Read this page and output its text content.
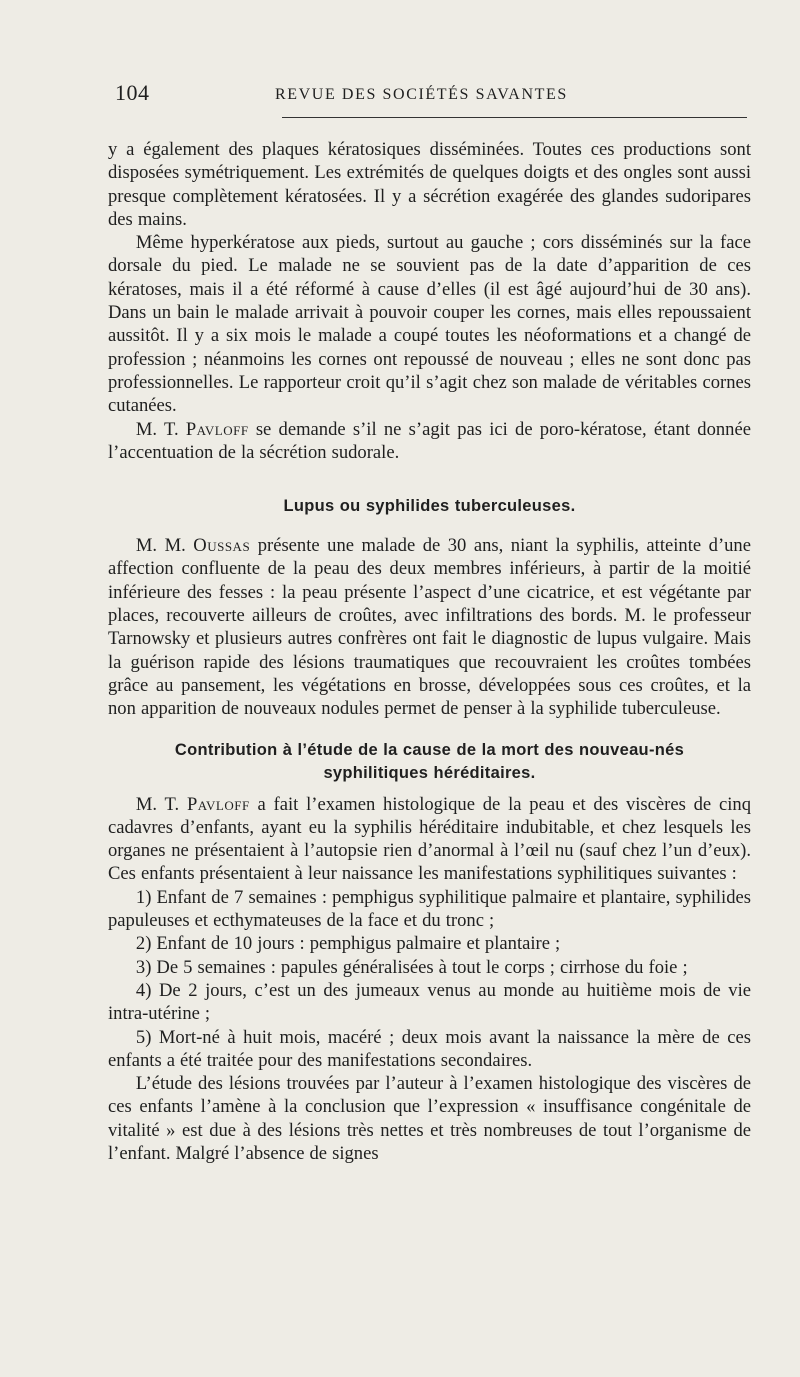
104	REVUE DES SOCIÉTÉS SAVANTES

y a également des plaques kératosiques disséminées. Toutes ces productions sont disposées symétriquement. Les extrémités de quelques doigts et des ongles sont aussi presque complètement kératosées. Il y a sécrétion exagérée des glandes sudoripares des mains.

Même hyperkératose aux pieds, surtout au gauche ; cors disséminés sur la face dorsale du pied. Le malade ne se souvient pas de la date d’apparition de ces kératoses, mais il a été réformé à cause d’elles (il est âgé aujourd’hui de 30 ans). Dans un bain le malade arrivait à pouvoir couper les cornes, mais elles repoussaient aussitôt. Il y a six mois le malade a coupé toutes les néoformations et a changé de profession ; néanmoins les cornes ont repoussé de nouveau ; elles ne sont donc pas professionnelles. Le rapporteur croit qu’il s’agit chez son malade de véritables cornes cutanées.

M. T. Pavloff se demande s’il ne s’agit pas ici de poro-kératose, étant donnée l’accentuation de la sécrétion sudorale.

Lupus ou syphilides tuberculeuses.

M. M. Oussas présente une malade de 30 ans, niant la syphilis, atteinte d’une affection confluente de la peau des deux membres inférieurs, à partir de la moitié inférieure des fesses : la peau présente l’aspect d’une cicatrice, et est végétante par places, recouverte ailleurs de croûtes, avec infiltrations des bords. M. le professeur Tarnowsky et plusieurs autres confrères ont fait le diagnostic de lupus vulgaire. Mais la guérison rapide des lésions traumatiques que recouvraient les croûtes tombées grâce au pansement, les végétations en brosse, développées sous ces croûtes, et la non apparition de nouveaux nodules permet de penser à la syphilide tuberculeuse.

Contribution à l’étude de la cause de la mort des nouveau-nés
syphilitiques héréditaires.

M. T. Pavloff a fait l’examen histologique de la peau et des viscères de cinq cadavres d’enfants, ayant eu la syphilis héréditaire indubitable, et chez lesquels les organes ne présentaient à l’autopsie rien d’anormal à l’œil nu (sauf chez l’un d’eux). Ces enfants présentaient à leur naissance les manifestations syphilitiques suivantes :

1) Enfant de 7 semaines : pemphigus syphilitique palmaire et plantaire, syphilides papuleuses et ecthymateuses de la face et du tronc ;

2) Enfant de 10 jours : pemphigus palmaire et plantaire ;

3) De 5 semaines : papules généralisées à tout le corps ; cirrhose du foie ;

4) De 2 jours, c’est un des jumeaux venus au monde au huitième mois de vie intra-utérine ;

5) Mort-né à huit mois, macéré ; deux mois avant la naissance la mère de ces enfants a été traitée pour des manifestations secondaires.

L’étude des lésions trouvées par l’auteur à l’examen histologique des viscères de ces enfants l’amène à la conclusion que l’expression « insuffisance congénitale de vitalité » est due à des lésions très nettes et très nombreuses de tout l’organisme de l’enfant. Malgré l’absence de signes
